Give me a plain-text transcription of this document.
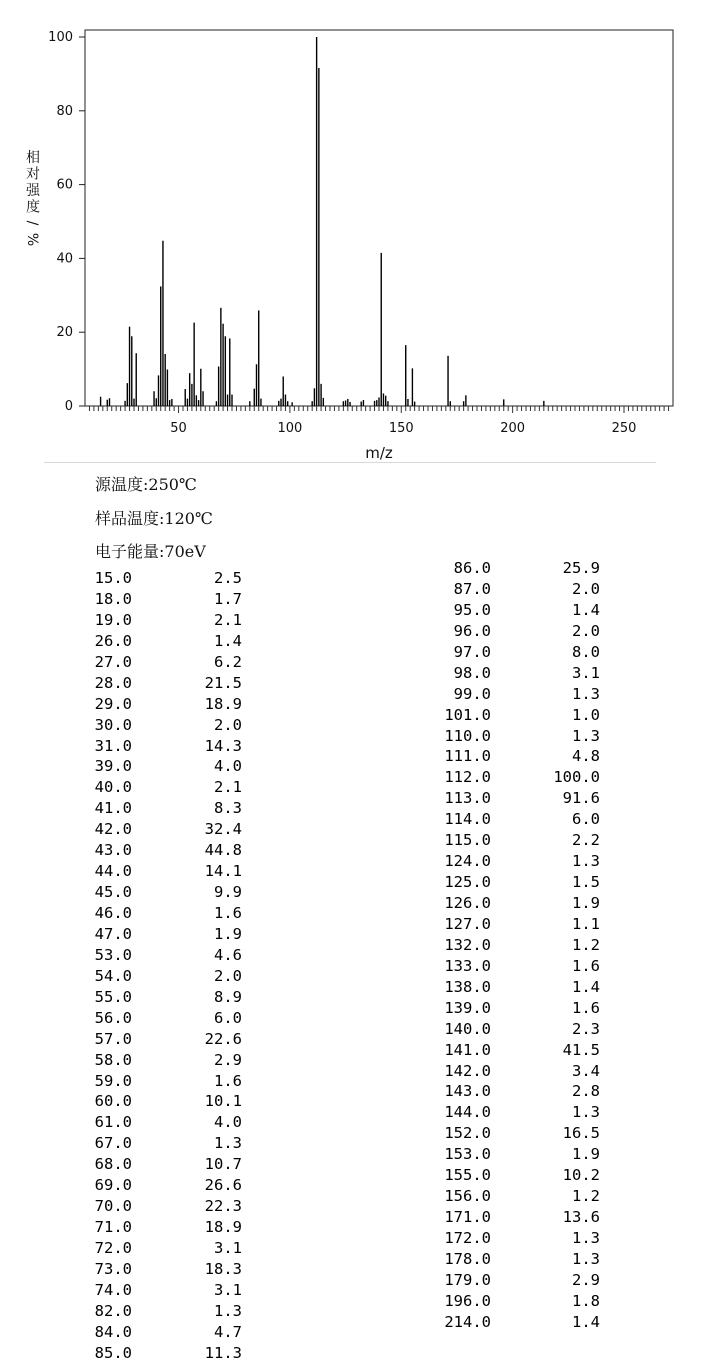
0
20
40
60
80
100
50	100	150	200	250
m/z
相
对
强
度
/
%
源温度:250℃
样品温度:120℃
电子能量:70eV
15.0	2.5
18.0	1.7
19.0	2.1
26.0	1.4
27.0	6.2
28.0	21.5
29.0	18.9
30.0	2.0
31.0	14.3
39.0	4.0
40.0	2.1
41.0	8.3
42.0	32.4
43.0	44.8
44.0	14.1
45.0	9.9
46.0	1.6
47.0	1.9
53.0	4.6
54.0	2.0
55.0	8.9
56.0	6.0
57.0	22.6
58.0	2.9
59.0	1.6
60.0	10.1
61.0	4.0
67.0	1.3
68.0	10.7
69.0	26.6
70.0	22.3
71.0	18.9
72.0	3.1
73.0	18.3
74.0	3.1
82.0	1.3
84.0	4.7
85.0	11.3
86.0	25.9
87.0	2.0
95.0	1.4
96.0	2.0
97.0	8.0
98.0	3.1
99.0	1.3
101.0	1.0
110.0	1.3
111.0	4.8
112.0	100.0
113.0	91.6
114.0	6.0
115.0	2.2
124.0	1.3
125.0	1.5
126.0	1.9
127.0	1.1
132.0	1.2
133.0	1.6
138.0	1.4
139.0	1.6
140.0	2.3
141.0	41.5
142.0	3.4
143.0	2.8
144.0	1.3
152.0	16.5
153.0	1.9
155.0	10.2
156.0	1.2
171.0	13.6
172.0	1.3
178.0	1.3
179.0	2.9
196.0	1.8
214.0	1.4
